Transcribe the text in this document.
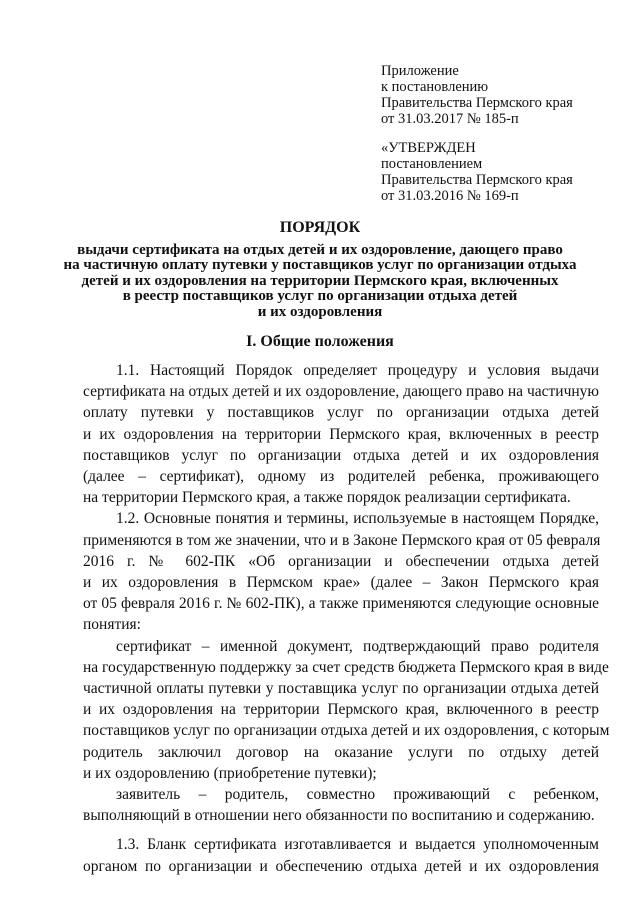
Приложение
к постановлению
Правительства Пермского края
от 31.03.2017 № 185-п
«УТВЕРЖДЕН
постановлением
Правительства Пермского края
от 31.03.2016 № 169-п
ПОРЯДОК
выдачи сертификата на отдых детей и их оздоровление, дающего право
на частичную оплату путевки у поставщиков услуг по организации отдыха
детей и их оздоровления на территории Пермского края, включенных
в реестр поставщиков услуг по организации отдыха детей
и их оздоровления
I. Общие положения
1.1. Настоящий Порядок определяет процедуру и условия выдачи
сертификата на отдых детей и их оздоровление, дающего право на частичную
оплату путевки у поставщиков услуг по организации отдыха детей
и их оздоровления на территории Пермского края, включенных в реестр
поставщиков услуг по организации отдыха детей и их оздоровления
(далее – сертификат), одному из родителей ребенка, проживающего
на территории Пермского края, а также порядок реализации сертификата.
1.2. Основные понятия и термины, используемые в настоящем Порядке,
применяются в том же значении, что и в Законе Пермского края от 05 февраля
2016 г. № 602-ПК «Об организации и обеспечении отдыха детей
и их оздоровления в Пермском крае» (далее – Закон Пермского края
от 05 февраля 2016 г. № 602-ПК), а также применяются следующие основные
понятия:
сертификат – именной документ, подтверждающий право родителя
на государственную поддержку за счет средств бюджета Пермского края в виде
частичной оплаты путевки у поставщика услуг по организации отдыха детей
и их оздоровления на территории Пермского края, включенного в реестр
поставщиков услуг по организации отдыха детей и их оздоровления, с которым
родитель заключил договор на оказание услуги по отдыху детей
и их оздоровлению (приобретение путевки);
заявитель – родитель, совместно проживающий с ребенком,
выполняющий в отношении него обязанности по воспитанию и содержанию.
1.3. Бланк сертификата изготавливается и выдается уполномоченным
органом по организации и обеспечению отдыха детей и их оздоровления
